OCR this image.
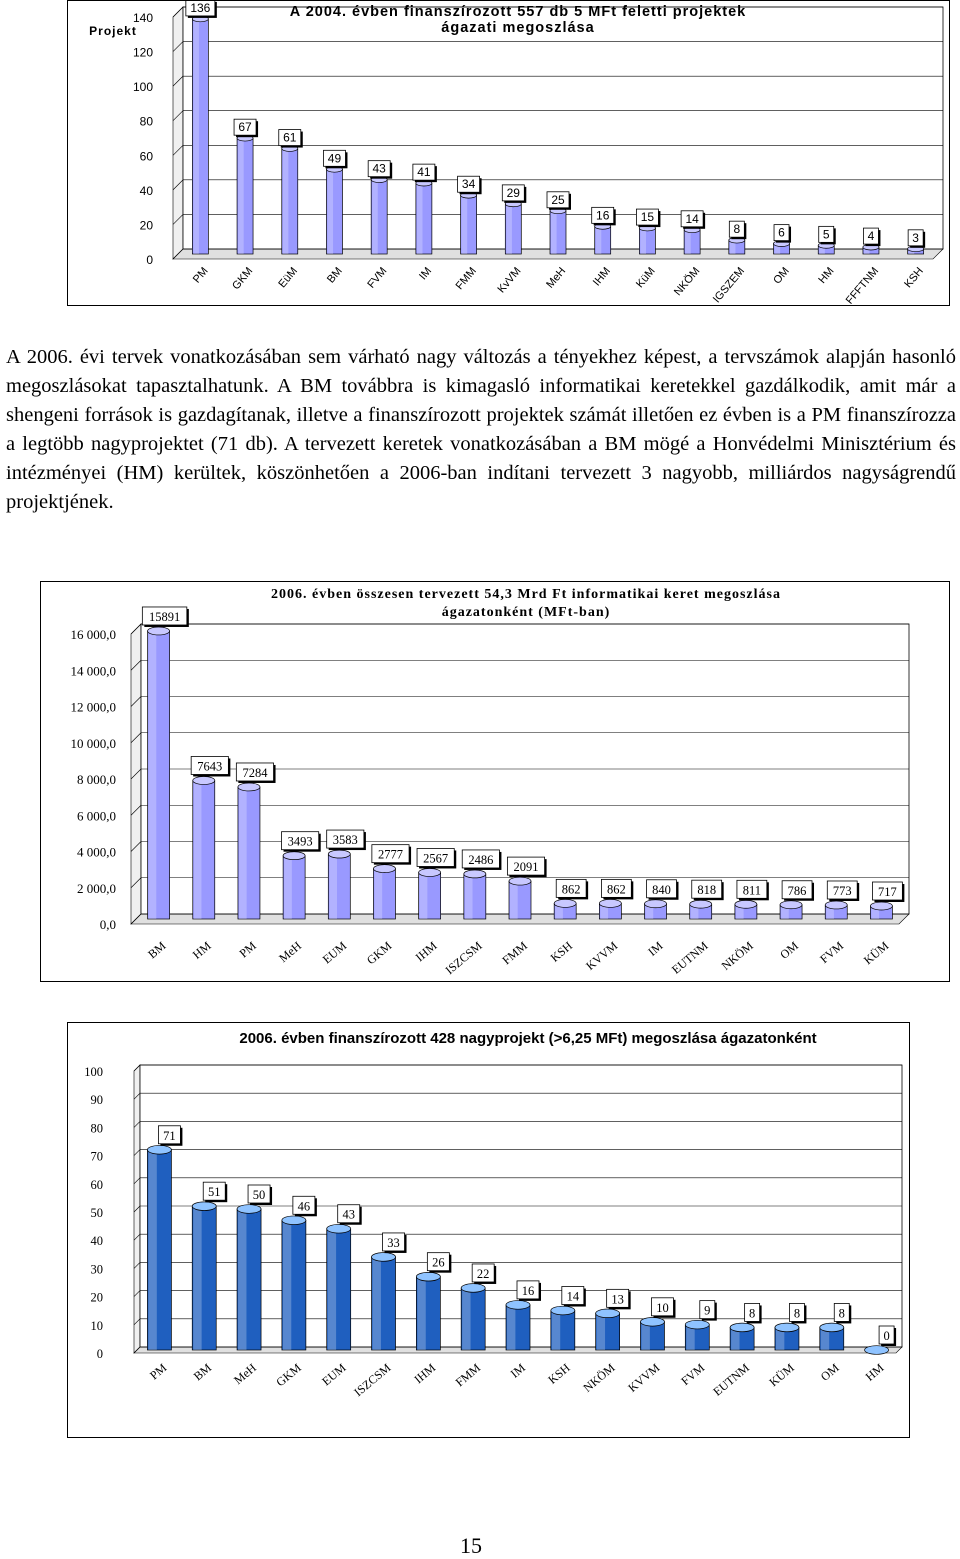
0
20
40
60
80
100
120
140
136
PM
67
GKM
61
EüM
49
BM
43
FVM
41
IM
34
FMM
29
KvVM
25
MeH
16
IHM
15
KüM
14
NKÖM
8
IGSZEM
6
OM
5
HM
4
FFFTNM
3
KSH
A 2004. évben finanszírozott 557 db 5 MFt feletti projektek
ágazati megoszlása
Projekt

A 2006. évi tervek vonatkozásában sem várható nagy változás a tényekhez képest, a tervszámok alapján hasonló megoszlásokat tapasztalhatunk. A BM továbbra is kimagasló informatikai keretekkel gazdálkodik, amit már a shengeni források is gazdagítanak, illetve a finanszírozott projektek számát illetően ez évben is a PM finanszírozza a legtöbb nagyprojektet (71 db). A tervezett keretek vonatkozásában a BM mögé a Honvédelmi Minisztérium és intézményei (HM) kerültek, köszönhetően a 2006-ban indítani tervezett 3 nagyobb, milliárdos nagyságrendű projektjének.

0,0
2 000,0
4 000,0
6 000,0
8 000,0
10 000,0
12 000,0
14 000,0
16 000,0
15891
BM
7643
HM
7284
PM
3493
MeH
3583
EUM
2777
GKM
2567
IHM
2486
ISZCSM
2091
FMM
862
KSH
862
KVVM
840
IM
818
EUTNM
811
NKÖM
786
OM
773
FVM
717
KÜM
2006. évben összesen tervezett 54,3 Mrd Ft informatikai keret megoszlása
ágazatonként (MFt-ban)
0
10
20
30
40
50
60
70
80
90
100
71
PM
51
BM
50
MeH
46
GKM
43
EUM
33
ISZCSM
26
IHM
22
FMM
16
IM
14
KSH
13
NKÖM
10
KVVM
9
FVM
8
EUTNM
8
KÜM
8
OM
0
HM
2006. évben finanszírozott 428 nagyprojekt (>6,25 MFt) megoszlása ágazatonként
15
